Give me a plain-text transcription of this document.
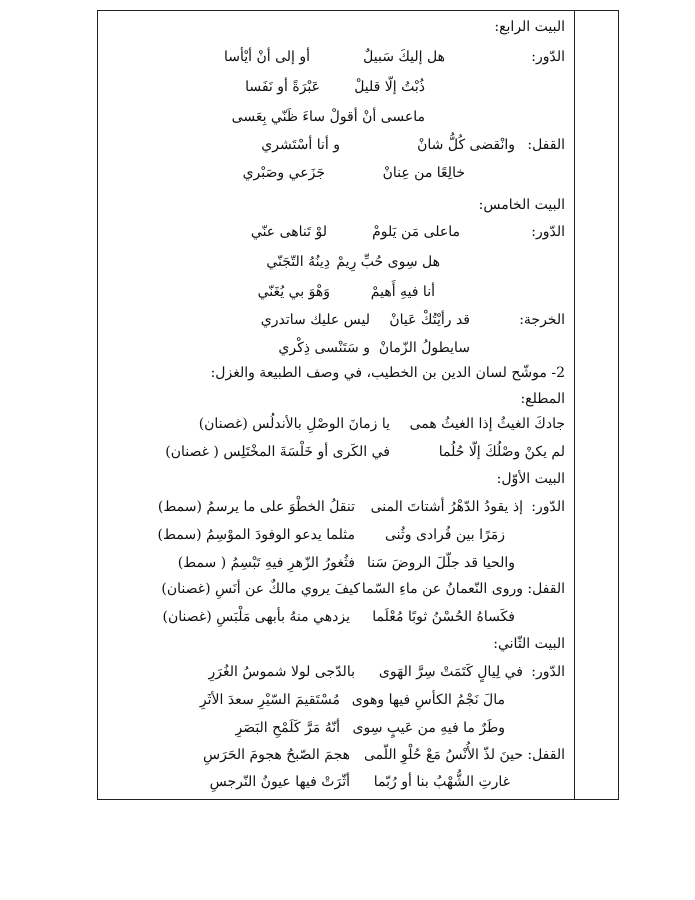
البيت الرابع:
الدّور:
هل إليكَ سَبيلٌ
أو إلى أنْ أيْأسا
ذُبْتُ إلّا قليلْ
عَبْرَةً أو نَفَسا
ماعسى أنْ أقولْ
ساءَ ظَنّي بِعَسى
القفل:
وانْقضى كُلُّ شانْ
و أنا أسْتَشري
خالِعًا من عِنانْ
جَزَعي وصَبْري
البيت الخامس:
الدّور:
ماعلى مَن يَلومْ
لوْ تَناهى عنّي
هل سِوى حُبِّ رِيمْ
دِينُهُ التّجَنّي
أنا فيهِ أَهيمْ
وَهْوَ بي يُغَنّي
الخرجة:
قد رأيْتُكْ عَيانْ
ليس عليك ساتدري
سايطولُ الزّمانْ
و سَتَنْسى ذِكْري
2- موشّح لسان الدين بن الخطيب، في وصف الطبيعة والغزل:
المطلع:
جادكَ الغيثُ إذا الغيثُ همى
يا زمانَ الوصْلِ بالأندلُس (غصنان)
لم يكنْ وصْلُكَ إلّا حُلُما
في الكَرى أو خَلْسَةَ المخْتَلِس ( غصنان)
البيت الأوّل:
الدّور:
إذ يقودُ الدّهْرُ أشتاتَ المنى
تنقلُ الخطْوَ على ما يرسمُ (سمط)
زمَرًا بين فُرادى وثُنى
مثلما يدعو الوفودَ الموْسِمُ (سمط)
والحيا قد جلّلَ الروضَ سَنا
فثُغورُ الزّهرِ فيهِ تَبْسِمُ ( سمط)
القفل:
وروى النّعمانُ عن ماءِ السّما
كيفَ يروي مالكٌ عن أنَسِ (غصنان)
فكَساهُ الحُسْنُ ثوبًا مُعْلَما
يزدهي منهُ بأبهى مَلْبَسِ (غصنان)
البيت الثّاني:
الدّور:
في لِيالٍ كَتَمَتْ سِرَّ الهَوى
بالدّجى لولا شموسُ الغُرَرِ
مالَ نَجْمُ الكأسِ فيها وهوى
مُسْتَقيمَ السّيْرِ سعدَ الأثَرِ
وطَرٌ ما فيهِ من عَيبٍ سِوى
أنّهُ مَرَّ كَلَمْحِ البَصَرِ
القفل:
حينَ لذّ الأُنْسُ مَعْ حُلْوِ اللّمى
هجمَ الصّبحُ هجومَ الحَرَسِ
غارتِ الشُّهْبُ بنا أو رُبّما
أثّرَتْ فيها عيونُ النّرجسِ
